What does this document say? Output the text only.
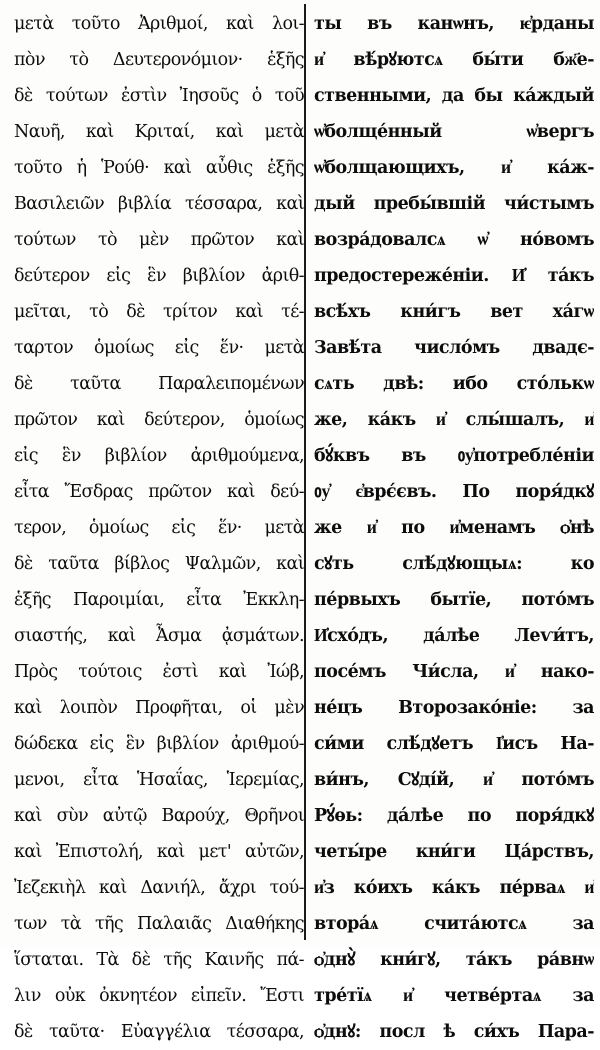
μετὰ τοῦτο Ἀριθμοί, καὶ λοι-
πὸν τὸ Δευτερονόμιον· ἑξῆς
δὲ τούτων ἐστὶν Ἰησοῦς ὁ τοῦ
Ναυῆ, καὶ Κριταί, καὶ μετὰ
τοῦτο ἡ Ῥούθ· καὶ αὖθις ἑξῆς
Βασιλειῶν βιβλία τέσσαρα, καὶ
τούτων τὸ μὲν πρῶτον καὶ
δεύτερον εἰς ἓν βιβλίον ἀριθ-
μεῖται, τὸ δὲ τρίτον καὶ τέ-
ταρτον ὁμοίως εἰς ἕν· μετὰ
δὲ ταῦτα Παραλειπομένων
πρῶτον καὶ δεύτερον, ὁμοίως
εἰς ἓν βιβλίον ἀριθμούμενα,
εἶτα Ἔσδρας πρῶτον καὶ δεύ-
τερον, ὁμοίως εἰς ἕν· μετὰ
δὲ ταῦτα βίβλος Ψαλμῶν, καὶ
ἑξῆς Παροιμίαι, εἶτα Ἐκκλη-
σιαστής, καὶ Ἆσμα ᾀσμάτων.
Πρὸς τούτοις ἐστὶ καὶ Ἰώβ,
καὶ λοιπὸν Προφῆται, οἱ μὲν
δώδεκα εἰς ἓν βιβλίον ἀριθμού-
μενοι, εἶτα Ἡσαΐας, Ἱερεμίας,
καὶ σὺν αὐτῷ Βαρούχ, Θρῆνοι
καὶ Ἐπιστολή, καὶ μετ' αὐτῶν,
Ἰεζεκιὴλ καὶ Δανιήλ, ἄχρι τού-
των τὰ τῆς Παλαιᾶς Διαθήκης
ἵσταται. Τὰ δὲ τῆς Καινῆς πά-
λιν οὐκ ὀκνητέον εἰπεῖν. Ἔστι
δὲ ταῦτα· Εὐαγγέλια τέσσαρα,
ты въ канѡнъ, ѥ҆рданы
и҆ вѣ́рꙋютсѧ бы́ти бж҃е-
ственными, да бы ка́ждый
ѡ҆болще́нный ѡ҆вергъ
ѡ҆болщающихъ, и҆ ка́ж-
дый пребы́вшій чи́стымъ
возра́довалсѧ ѡ҆ но́вомъ
предостереже́ніи. И҆ та́къ
всѣ́хъ кни́гъ вет ха́гѡ
Завѣ́та число́мъ двадє-
сѧть двѣ: ибо сто́лькѡ
же, ка́къ и҆ слы́шалъ, и҆
бꙋ́квъ въ ᲂу҆потребле́ніи
ᲂу҆ є҆врє́євъ. По поря́дкꙋ
же и҆ по и҆менамъ ѻ҆нѣ
сꙋть слѣ́дꙋющыѧ: ко
пе́рвыхъ бытїе, пото́мъ
И҆схо́дъ, да́лѣе Леѵи́тъ,
посе́мъ Чи́сла, и҆ нако-
не́цъ Второзако́ніе: за
си́ми слѣ́дꙋетъ І҆исъ На-
ви́нъ, Сꙋді́й, и҆ пото́мъ
Рꙋ́ѳь: да́лѣе по поря́дкꙋ
четы́ре кни́ги Ца́рствъ,
и҆з ко́ихъ ка́къ пе́рваѧ и҆
втора́ѧ счита́ютсѧ за
ѻ҆днꙋ̀ кни́гꙋ, та́къ ра́внѡ
тре́тїѧ и҆ четве́ртаѧ за
ѻ҆днꙋ: посл ѣ си́хъ Пара-
